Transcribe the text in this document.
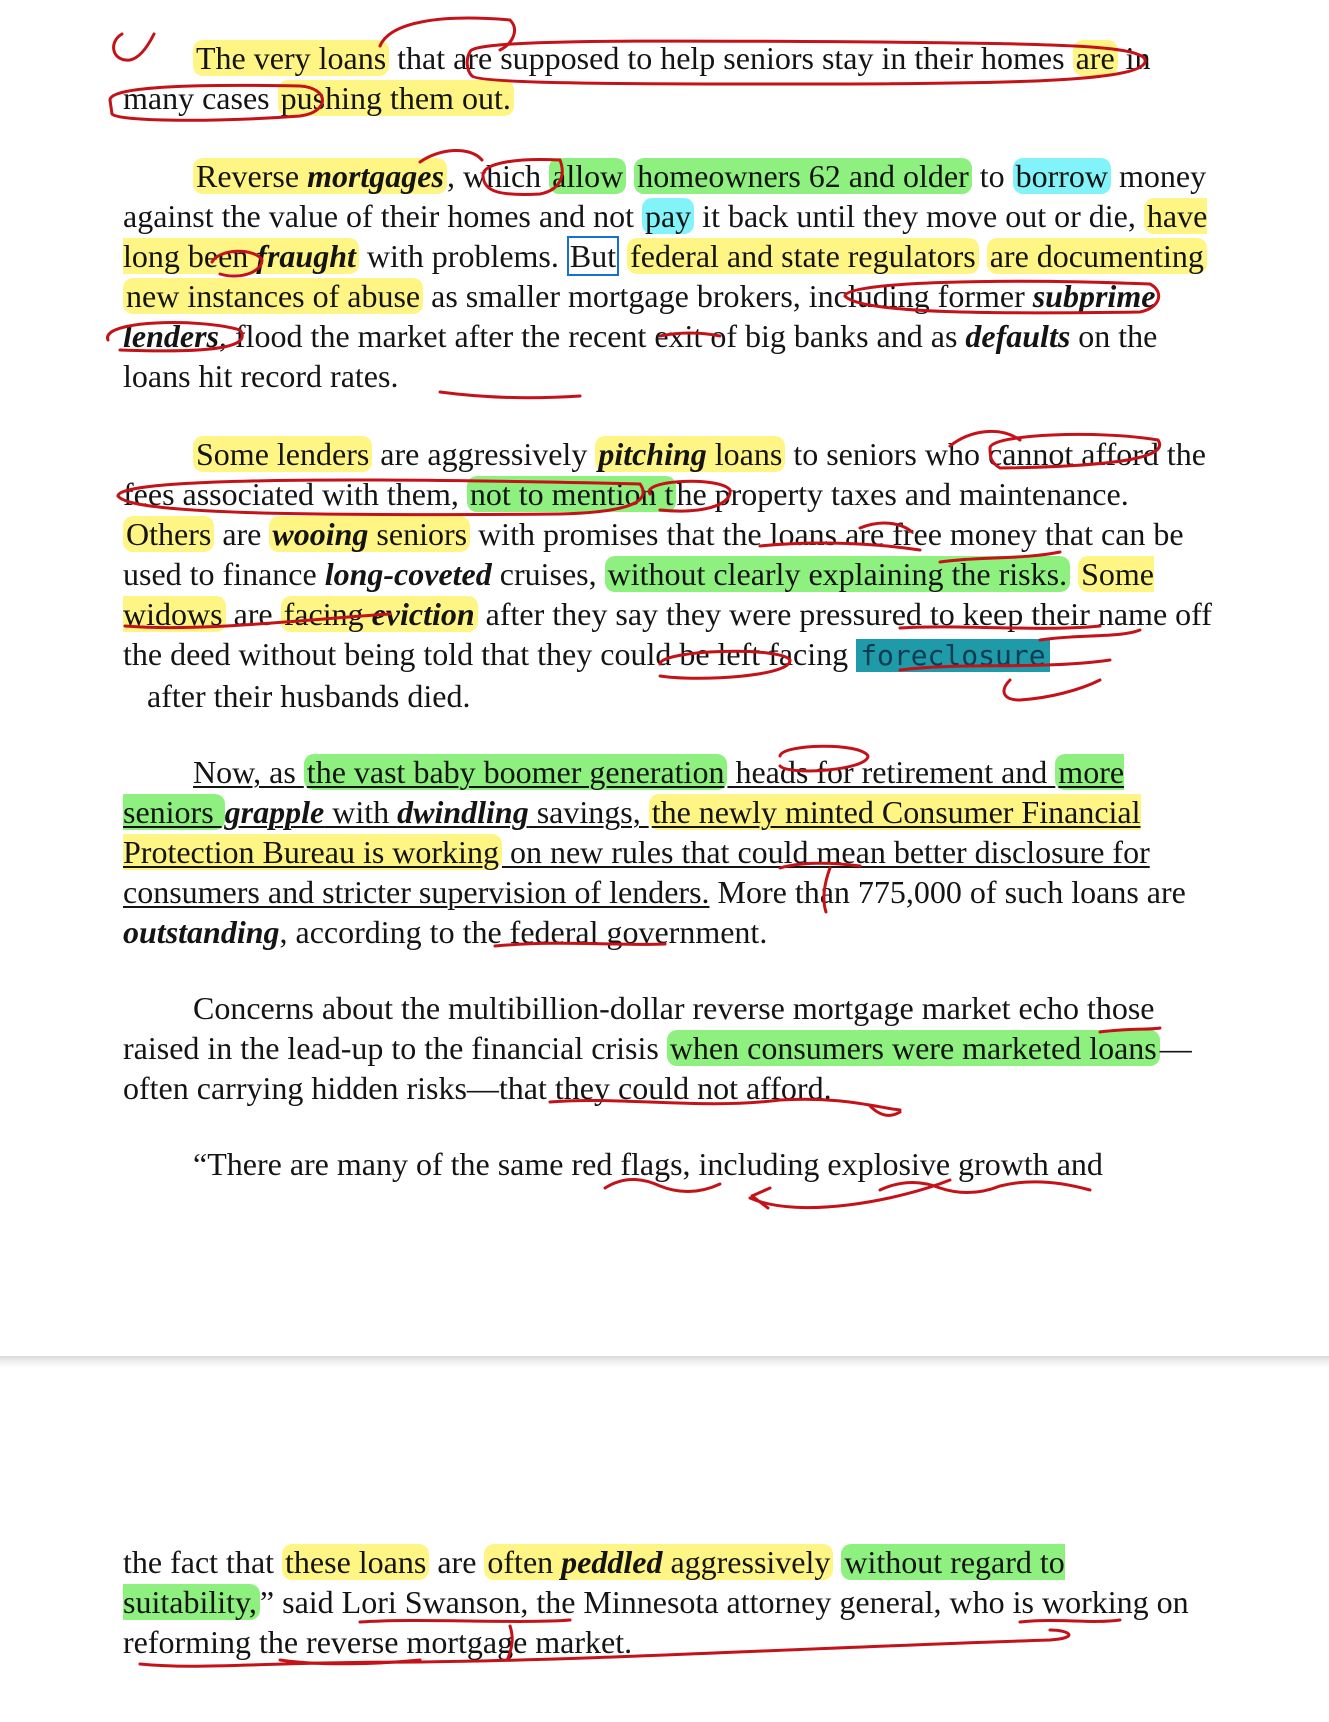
The very loans that are supposed to help seniors stay in their homes are in many cases pushing them out.

Reverse mortgages, which allow homeowners 62 and older to borrow money against the value of their homes and not pay it back until they move out or die, have long been fraught with problems. But federal and state regulators are documenting new instances of abuse as smaller mortgage brokers, including former subprime lenders, flood the market after the recent exit of big banks and as defaults on the loans hit record rates.

Some lenders are aggressively pitching loans to seniors who cannot afford the fees associated with them, not to mention the property taxes and maintenance. Others are wooing seniors with promises that the loans are free money that can be used to finance long-coveted cruises, without clearly explaining the risks. Some widows are facing eviction after they say they were pressured to keep their name off the deed without being told that they could be left facing foreclosure   after their husbands died.

Now, as the vast baby boomer generation heads for retirement and more seniors grapple with dwindling savings, the newly minted Consumer Financial Protection Bureau is working on new rules that could mean better disclosure for consumers and stricter supervision of lenders. More than 775,000 of such loans are outstanding, according to the federal government.

Concerns about the multibillion-dollar reverse mortgage market echo those raised in the lead-up to the financial crisis when consumers were marketed loans—often carrying hidden risks—that they could not afford.

“There are many of the same red flags, including explosive growth and

the fact that these loans are often peddled aggressively without regard to suitability,” said Lori Swanson, the Minnesota attorney general, who is working on reforming the reverse mortgage market.
